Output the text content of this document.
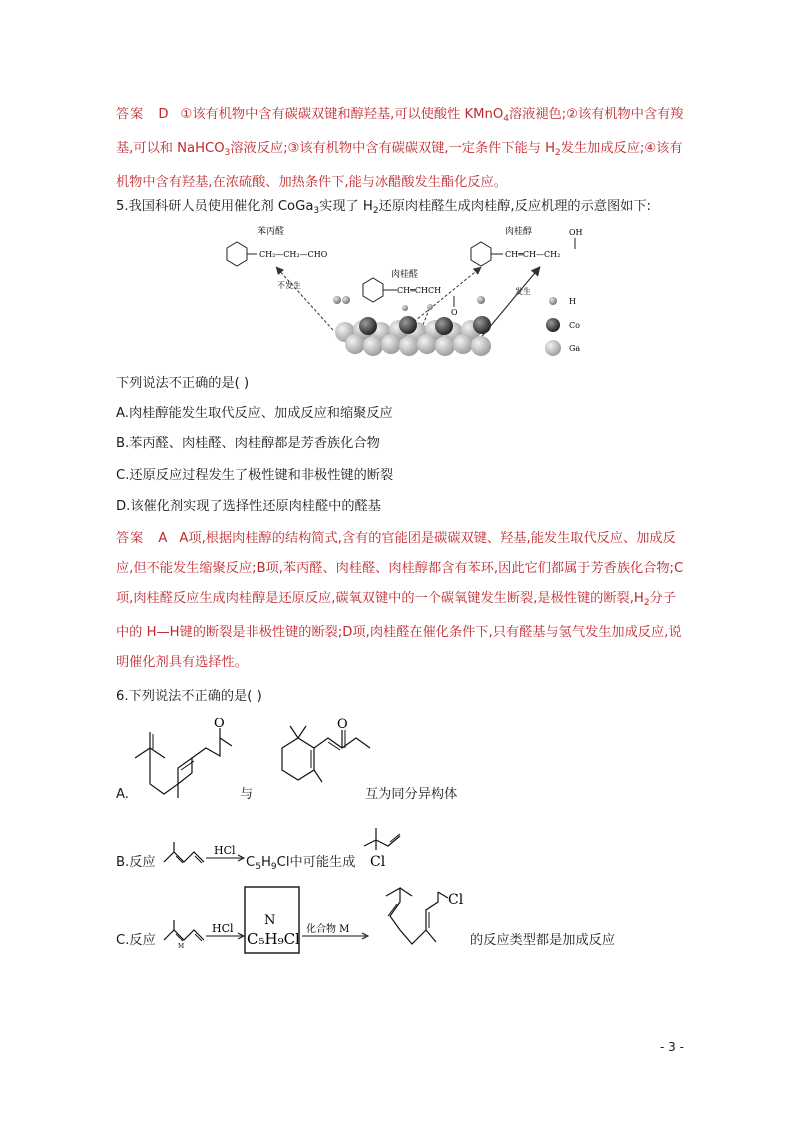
答案 D ①该有机物中含有碳碳双键和醇羟基,可以使酸性 KMnO$_4$溶液褪色;②该有机物中含有羧基,可以和 NaHCO$_3$溶液反应;③该有机物中含有碳碳双键,一定条件下能与 $H_2$发生加成反应;④该有机物中含有羟基,在浓硫酸、加热条件下,能与冰醋酸发生酯化反应。

5.我国科研人员使用催化剂 CoGa$_3$实现了 $H_2$还原肉桂醛生成肉桂醇,反应机理的示意图如下:
苯丙醛
CH₂—CH₂—CHO
肉桂醇
CH═CH—CH₂
OH
不发生
发生
肉桂醛
CH═CHCH
O
H
Co
Ga
下列说法不正确的是( )
A.肉桂醇能发生取代反应、加成反应和缩聚反应
B.苯丙醛、肉桂醛、肉桂醇都是芳香族化合物
C.还原反应过程发生了极性键和非极性键的断裂
D.该催化剂实现了选择性还原肉桂醛中的醛基

答案 A A项,根据肉桂醇的结构简式,含有的官能团是碳碳双键、羟基,能发生取代反应、加成反应,但不能发生缩聚反应;B项,苯丙醛、肉桂醛、肉桂醇都含有苯环,因此它们都属于芳香族化合物;C项,肉桂醛反应生成肉桂醇是还原反应,碳氧双键中的一个碳氧键发生断裂,是极性键的断裂$,H_2$分子中的 H—H键的断裂是非极性键的断裂;D项,肉桂醛在催化条件下,只有醛基与氢气发生加成反应,说明催化剂具有选择性。

6.下列说法不正确的是( )
A.
O
与
O
互为同分异构体
B.反应
HCl
$C_5H_9Cl$中可能生成 Cl
C.反应	M
HCl
N
C₅H₉Cl
化合物 M
Cl
的反应类型都是加成反应
- 3 -
